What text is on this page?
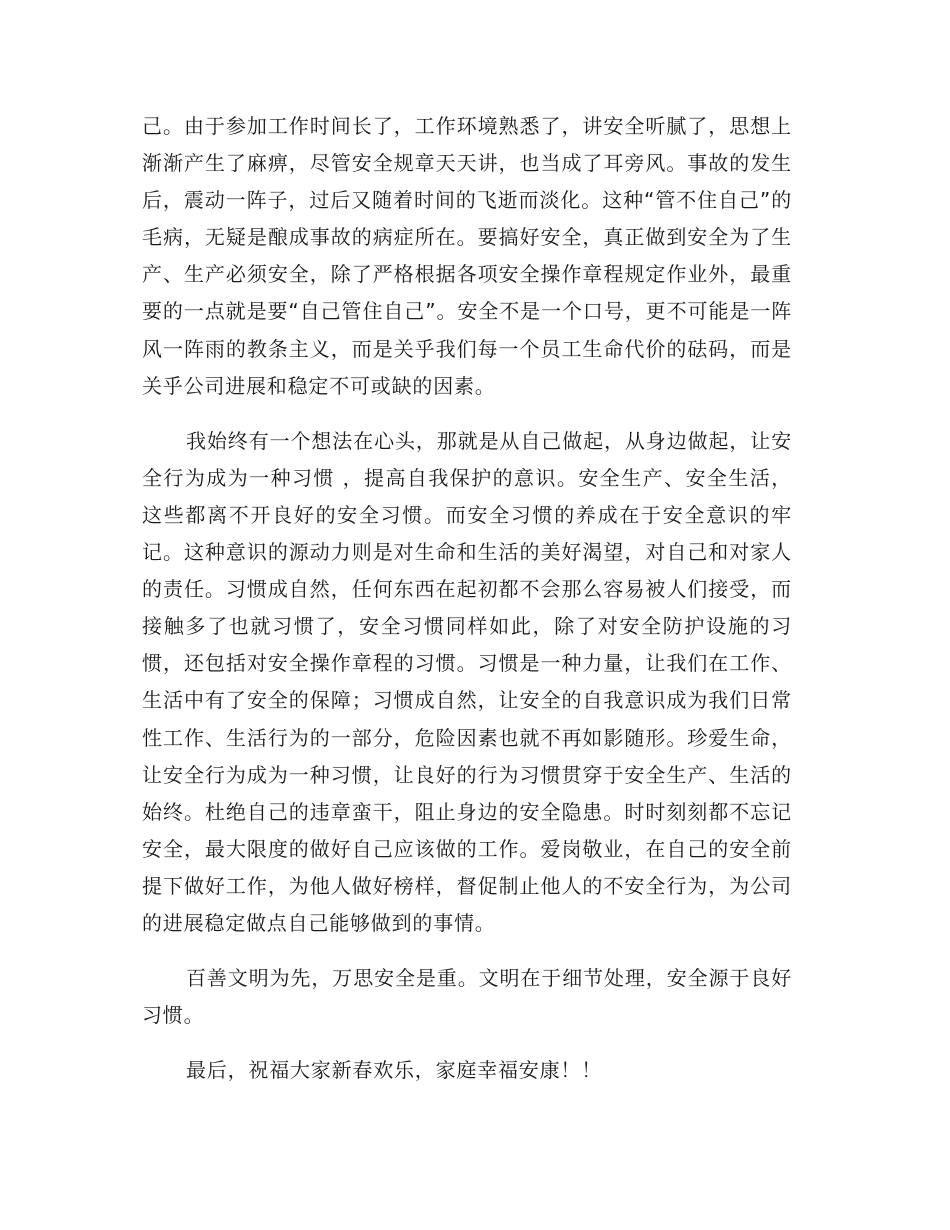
己。由于参加工作时间长了，工作环境熟悉了，讲安全听腻了，思想上渐渐产生了麻痹，尽管安全规章天天讲，也当成了耳旁风。事故的发生后，震动一阵子，过后又随着时间的飞逝而淡化。这种“管不住自己”的毛病，无疑是酿成事故的病症所在。要搞好安全，真正做到安全为了生产、生产必须安全，除了严格根据各项安全操作章程规定作业外，最重要的一点就是要“自己管住自己”。安全不是一个口号，更不可能是一阵风一阵雨的教条主义，而是关乎我们每一个员工生命代价的砝码，而是关乎公司进展和稳定不可或缺的因素。

我始终有一个想法在心头，那就是从自己做起，从身边做起，让安全行为成为一种习惯 ，提高自我保护的意识。安全生产、安全生活，这些都离不开良好的安全习惯。而安全习惯的养成在于安全意识的牢记。这种意识的源动力则是对生命和生活的美好渴望，对自己和对家人的责任。习惯成自然，任何东西在起初都不会那么容易被人们接受，而接触多了也就习惯了，安全习惯同样如此，除了对安全防护设施的习惯，还包括对安全操作章程的习惯。习惯是一种力量，让我们在工作、生活中有了安全的保障；习惯成自然，让安全的自我意识成为我们日常性工作、生活行为的一部分，危险因素也就不再如影随形。珍爱生命，让安全行为成为一种习惯，让良好的行为习惯贯穿于安全生产、生活的始终。杜绝自己的违章蛮干，阻止身边的安全隐患。时时刻刻都不忘记安全，最大限度的做好自己应该做的工作。爱岗敬业，在自己的安全前提下做好工作，为他人做好榜样，督促制止他人的不安全行为，为公司的进展稳定做点自己能够做到的事情。

百善文明为先，万思安全是重。文明在于细节处理，安全源于良好习惯。

最后，祝福大家新春欢乐，家庭幸福安康！！
